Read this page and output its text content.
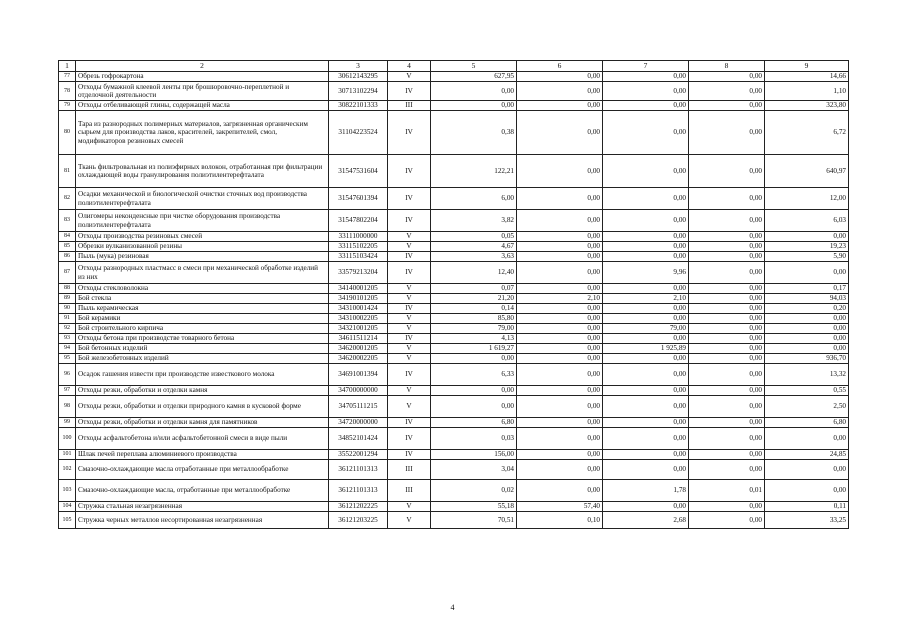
1	2	3	4	5	6	7	8	9
77	Обрезь гофрокартона	30612143295	V	627,95	0,00	0,00	0,00	14,66
78	Отходы бумажной клеевой ленты при брошюровочно-переплетной и отделочной деятельности	30713102294	IV	0,00	0,00	0,00	0,00	1,10
79	Отходы отбеливающей глины, содержащей масла	30822101333	III	0,00	0,00	0,00	0,00	323,80
80	Тара из разнородных полимерных материалов, загрязненная органическим сырьем для производства лаков, красителей, закрепителей, смол, модификаторов резиновых смесей	31104223524	IV	0,38	0,00	0,00	0,00	6,72
81	Ткань фильтровальная из полиэфирных волокон, отработанная при фильтрации охлаждающей воды гранулирования полиэтилентерефталата	31547531604	IV	122,21	0,00	0,00	0,00	640,97
82	Осадки механической и биологической очистки сточных вод производства полиэтилентерефталата	31547601394	IV	6,00	0,00	0,00	0,00	12,00
83	Олигомеры неконденсные при чистке оборудования производства полиэтилентерефталата	31547802204	IV	3,82	0,00	0,00	0,00	6,03
84	Отходы производства резиновых смесей	33111000000	V	0,05	0,00	0,00	0,00	0,00
85	Обрезки вулканизованной резины	33115102205	V	4,67	0,00	0,00	0,00	19,23
86	Пыль (мука) резиновая	33115103424	IV	3,63	0,00	0,00	0,00	5,90
87	Отходы разнородных пластмасс в смеси при механической обработке изделий из них	33579213204	IV	12,40	0,00	9,96	0,00	0,00
88	Отходы стекловолокна	34140001205	V	0,07	0,00	0,00	0,00	0,17
89	Бой стекла	34190101205	V	21,20	2,10	2,10	0,00	94,03
90	Пыль керамическая	34310001424	IV	0,14	0,00	0,00	0,00	0,20
91	Бой керамики	34310002205	V	85,80	0,00	0,00	0,00	0,00
92	Бой строительного кирпича	34321001205	V	79,00	0,00	79,00	0,00	0,00
93	Отходы бетона при производстве товарного бетона	34611511214	IV	4,13	0,00	0,00	0,00	0,00
94	Бой бетонных изделий	34620001205	V	1 619,27	0,00	1 925,89	0,00	0,00
95	Бой железобетонных изделий	34620002205	V	0,00	0,00	0,00	0,00	936,70
96	Осадок гашения извести при производстве известкового молока	34691001394	IV	6,33	0,00	0,00	0,00	13,32
97	Отходы резки, обработки и отделки камня	34700000000	V	0,00	0,00	0,00	0,00	0,55
98	Отходы резки, обработки и отделки природного камня в кусковой форме	34705111215	V	0,00	0,00	0,00	0,00	2,50
99	Отходы резки, обработки и отделки камня для памятников	34720000000	IV	6,80	0,00	0,00	0,00	6,80
100	Отходы асфальтобетона и/или асфальтобетонной смеси в виде пыли	34852101424	IV	0,03	0,00	0,00	0,00	0,00
101	Шлак печей переплава алюминиевого производства	35522001294	IV	156,00	0,00	0,00	0,00	24,85
102	Смазочно-охлаждающие масла отработанные при металлообработке	36121101313	III	3,04	0,00	0,00	0,00	0,00
103	Смазочно-охлаждающие масла, отработанные при металлообработке	36121101313	III	0,02	0,00	1,78	0,01	0,00
104	Стружка стальная незагрязненная	36121202225	V	55,18	57,40	0,00	0,00	0,11
105	Стружка черных металлов несортированная незагрязненная	36121203225	V	70,51	0,10	2,68	0,00	33,25
4
